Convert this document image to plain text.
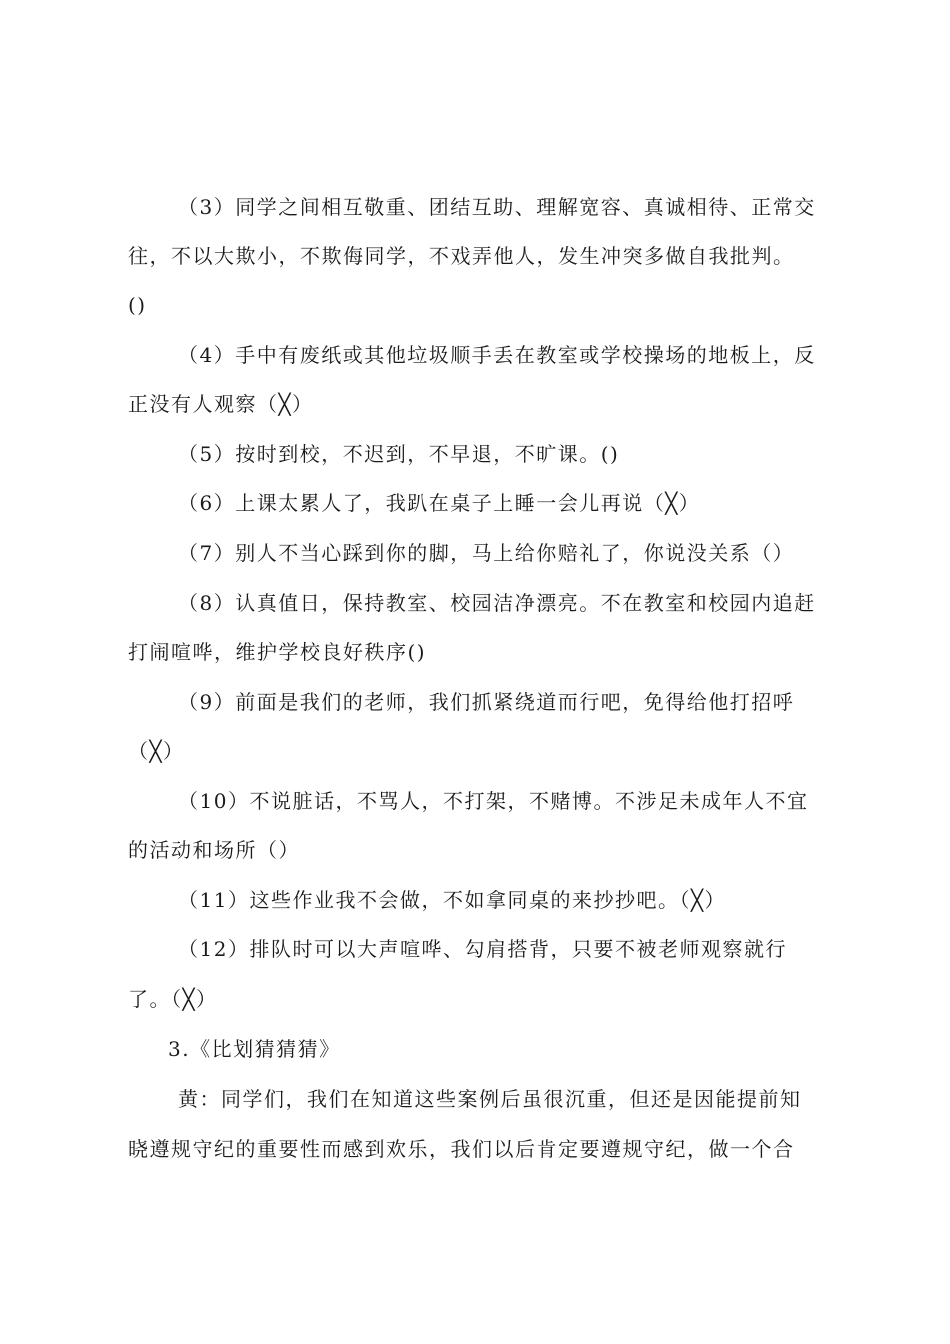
（3）同学之间相互敬重、团结互助、理解宽容、真诚相待、正常交
往，不以大欺小，不欺侮同学，不戏弄他人，发生冲突多做自我批判。
()
（4）手中有废纸或其他垃圾顺手丢在教室或学校操场的地板上，反
正没有人观察（╳）
（5）按时到校，不迟到，不早退，不旷课。()
（6）上课太累人了，我趴在桌子上睡一会儿再说（╳）
（7）别人不当心踩到你的脚，马上给你赔礼了，你说没关系（）
（8）认真值日，保持教室、校园洁净漂亮。不在教室和校园内追赶
打闹喧哗，维护学校良好秩序()
（9）前面是我们的老师，我们抓紧绕道而行吧，免得给他打招呼
（╳）
（10）不说脏话，不骂人，不打架，不赌博。不涉足未成年人不宜
的活动和场所（）
（11）这些作业我不会做，不如拿同桌的来抄抄吧。（╳）
（12）排队时可以大声喧哗、勾肩搭背，只要不被老师观察就行
了。（╳）
3.《比划猜猜猜》
黄：同学们，我们在知道这些案例后虽很沉重，但还是因能提前知
晓遵规守纪的重要性而感到欢乐，我们以后肯定要遵规守纪，做一个合
